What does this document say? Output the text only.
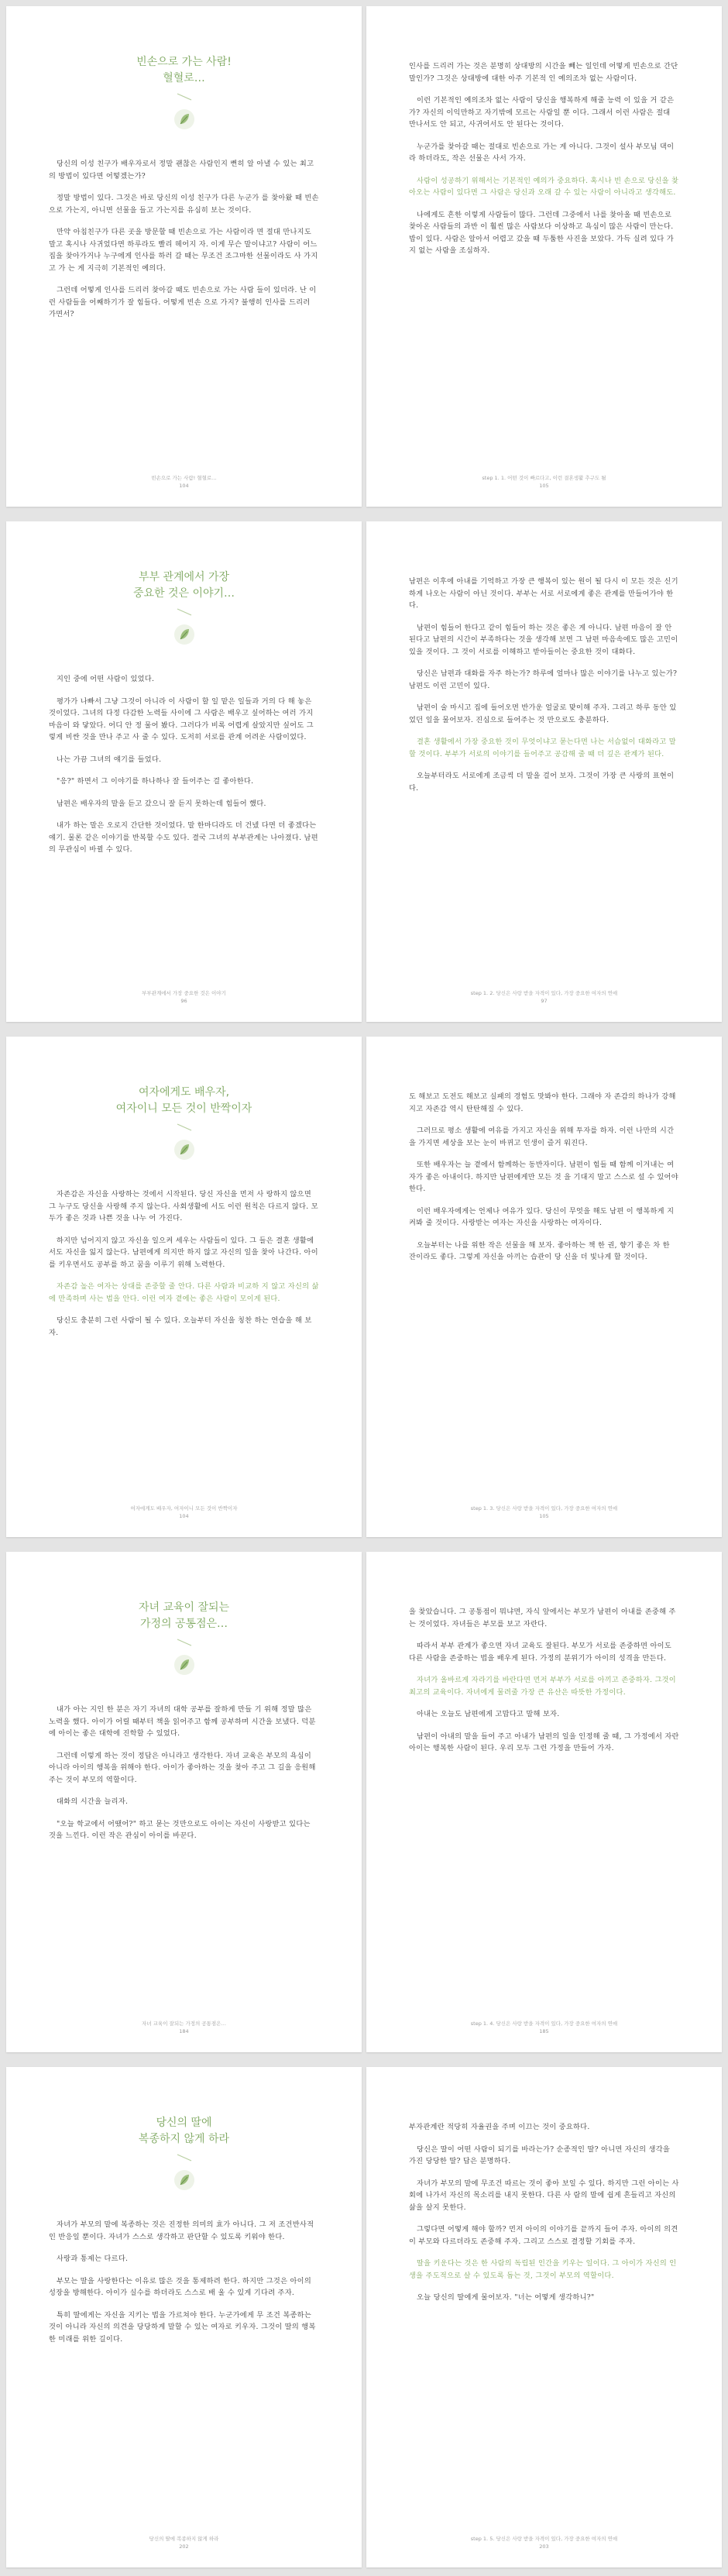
빈손으로 가는 사람!
혈혈로…

당신의 이성 친구가 배우자로서 정말 괜찮은 사람인지 뻔히 알 아낼 수 있는 최고의 방법이 있다면 어떻겠는가?

정말 방법이 있다. 그것은 바로 당신의 이성 친구가 다른 누군가 를 찾아왔 때 빈손으로 가는지, 아니면 선물을 들고 가는지를 유심히 보는 것이다.

만약 아침친구가 다른 곳을 방문할 때 빈손으로 가는 사람이라 면 절대 만나지도 말고 혹시나 사귀었다면 하루라도 빨리 헤어지 자. 이게 무슨 말이냐고? 사람이 어느 집을 찾아가거나 누구에게 인사를 하러 갈 때는 무조건 조그마한 선물이라도 사 가지고 가 는 게 지극히 기본적인 예의다.

그런데 어떻게 인사를 드리러 찾아갈 때도 빈손으로 가는 사람 들이 있더라. 난 이런 사람들을 어째하기가 잘 힘들다. 어떻게 빈손 으로 가지? 불행히 인사를 드리러 가면서?

빈손으로 가는 사람! 혈혈로…
104

인사를 드리러 가는 것은 분명히 상대방의 시간을 빼는 일인데 어떻게 빈손으로 간단 말인가? 그것은 상대방에 대한 아주 기본적 인 예의조차 없는 사람이다.

이런 기본적인 예의조차 없는 사람이 당신을 행복하게 해줄 능력 이 있을 거 같은가? 자신의 이익만하고 자기밖에 모르는 사람일 뿐 이다. 그래서 이런 사람은 절대 만나서도 안 되고, 사귀어서도 안 된다는 것이다.

누군가를 찾아갈 때는 절대로 빈손으로 가는 게 아니다. 그것이 설사 부모님 댁이라 하더라도, 작은 선물은 사서 가자.

사람이 성공하기 위해서는 기본적인 예의가 중요하다. 혹시나 빈 손으로 당신을 찾아오는 사람이 있다면 그 사람은 당신과 오래 갈 수 있는 사람이 아니라고 생각해도.

나에게도 흔한 이렇게 사람들이 많다. 그런데 그중에서 나를 찾아올 때 빈손으로 찾아온 사람들의 과반 이 훨씬 많은 사람보다 이상하고 욕심이 많은 사람이 만는다. 밥이 있다. 사람은 알아서 어렵고 갔을 때 두툼한 사진을 보았다. 가득 실려 있다 가지 없는 사람을 조심하자.

step 1. 1. 어떤 것이 빠르다고, 이런 결혼생활 추구도 될
105
부부 관계에서 가장
중요한 것은 이야기…

지인 중에 어떤 사람이 있었다.

평가가 나빠서 그냥 그것이 아니라 이 사람이 할 일 맡은 일들과 거의 다 해 놓은 것이었다. 그녀의 다정 다감한 노력들 사이에 그 사람은 배우고 싶어하는 여러 가지 마음이 와 닿았다. 어디 안 정 물어 봤다. 그러다가 비록 어렵게 살았지만 싶어도 그렇게 비싼 것을 만나 주고 사 줄 수 있다. 도저히 서로를 관계 어려운 사람이었다.

나는 가끔 그녀의 얘기를 들었다.

"응?" 하면서 그 이야기를 하나하나 잘 들어주는 걸 좋아한다.

남편은 배우자의 말을 듣고 갔으니 잘 듣지 못하는데 힘들어 했다.

내가 하는 말은 오로지 간단한 것이었다. 말 한마디라도 더 건넸 다면 더 좋겠다는 얘기. 물론 같은 이야기를 반복할 수도 있다. 결국 그녀의 부부관계는 나아졌다. 남편의 무관심이 바뀔 수 있다.

부부관계에서 가장 중요한 것은 이야기
96

남편은 이후에 아내를 기억하고 가장 큰 행복이 있는 원이 될 다시 이 모든 것은 신기하게 나오는 사람이 아닌 것이다. 부부는 서로 서로에게 좋은 관계를 만들어가야 한다.

남편이 힘들어 한다고 같이 힘들어 하는 것은 좋은 게 아니다. 남편 마음이 잘 안 된다고 남편의 시간이 부족하다는 것을 생각해 보면 그 남편 마음속에도 많은 고민이 있을 것이다. 그 것이 서로를 이해하고 받아들이는 중요한 것이 대화다.

당신은 남편과 대화를 자주 하는가? 하루에 얼마나 많은 이야기를 나누고 있는가? 남편도 이런 고민이 있다.

남편이 술 마시고 집에 들어오면 반가운 얼굴로 맞이해 주자. 그리고 하루 동안 있었던 일을 물어보자. 진심으로 들어주는 것 만으로도 충분하다.

결혼 생활에서 가장 중요한 것이 무엇이냐고 묻는다면 나는 서슴없이 대화라고 말할 것이다. 부부가 서로의 이야기를 들어주고 공감해 줄 때 더 깊은 관계가 된다.

오늘부터라도 서로에게 조금씩 더 말을 걸어 보자. 그것이 가장 큰 사랑의 표현이다.

step 1. 2. 당신은 사랑 받을 자격이 있다, 가장 중요한 여자의 연애
97
여자에게도 배우자,
여자이니 모든 것이 반짝이자

자존감은 자신을 사랑하는 것에서 시작된다. 당신 자신을 먼저 사 랑하지 않으면 그 누구도 당신을 사랑해 주지 않는다. 사회생활에 서도 이런 원칙은 다르지 않다. 모두가 좋은 것과 나쁜 것을 나누 어 가진다.

하지만 넘어지지 않고 자신을 일으켜 세우는 사람들이 있다. 그 들은 결혼 생활에서도 자신을 잃지 않는다. 남편에게 의지만 하지 않고 자신의 일을 찾아 나간다. 아이를 키우면서도 공부를 하고 꿈을 이루기 위해 노력한다.

자존감 높은 여자는 상대를 존중할 줄 안다. 다른 사람과 비교하 지 않고 자신의 삶에 만족하며 사는 법을 안다. 이런 여자 곁에는 좋은 사람이 모이게 된다.

당신도 충분히 그런 사람이 될 수 있다. 오늘부터 자신을 칭찬 하는 연습을 해 보자.

여자에게도 배우자, 여자이니 모든 것이 반짝이자
104

도 해보고 도전도 해보고 실패의 경험도 맛봐야 한다. 그래야 자 존감의 하나가 강해지고 자존감 역시 탄탄해질 수 있다.

그러므로 평소 생활에 여유를 가지고 자신을 위해 투자를 하자. 이런 나만의 시간을 가지면 세상을 보는 눈이 바뀌고 인생이 즐거 워진다.

또한 배우자는 늘 곁에서 함께하는 동반자이다. 남편이 힘들 때 함께 이겨내는 여자가 좋은 아내이다. 하지만 남편에게만 모든 것 을 기대지 말고 스스로 설 수 있어야 한다.

이런 배우자에게는 언제나 여유가 있다. 당신이 무엇을 해도 남편 이 행복하게 지켜봐 줄 것이다. 사랑받는 여자는 자신을 사랑하는 여자이다.

오늘부터는 나를 위한 작은 선물을 해 보자. 좋아하는 책 한 권, 향기 좋은 차 한 잔이라도 좋다. 그렇게 자신을 아끼는 습관이 당 신을 더 빛나게 할 것이다.

step 1. 3. 당신은 사랑 받을 자격이 있다, 가장 중요한 여자의 연애
105
자녀 교육이 잘되는
가정의 공통점은…

내가 아는 지인 한 분은 자기 자녀의 대학 공부를 잘하게 만들 기 위해 정말 많은 노력을 했다. 아이가 어릴 때부터 책을 읽어주고 함께 공부하며 시간을 보냈다. 덕분에 아이는 좋은 대학에 진학할 수 있었다.

그런데 이렇게 하는 것이 정답은 아니라고 생각한다. 자녀 교육은 부모의 욕심이 아니라 아이의 행복을 위해야 한다. 아이가 좋아하는 것을 찾아 주고 그 길을 응원해 주는 것이 부모의 역할이다.

대화의 시간을 늘리자.

"오늘 학교에서 어땠어?" 하고 묻는 것만으로도 아이는 자신이 사랑받고 있다는 것을 느낀다. 이런 작은 관심이 아이를 바꾼다.

자녀 교육이 잘되는 가정의 공통점은…
184

을 찾았습니다. 그 공통점이 뭐냐면, 자식 앞에서는 부모가 남편이 아내를 존중해 주는 것이었다. 자녀들은 부모를 보고 자란다.

따라서 부부 관계가 좋으면 자녀 교육도 잘된다. 부모가 서로를 존중하면 아이도 다른 사람을 존중하는 법을 배우게 된다. 가정의 분위기가 아이의 성격을 만든다.

자녀가 올바르게 자라기를 바란다면 먼저 부부가 서로를 아끼고 존중하자. 그것이 최고의 교육이다. 자녀에게 물려줄 가장 큰 유산은 따뜻한 가정이다.

아내는 오늘도 남편에게 고맙다고 말해 보자.

남편이 아내의 말을 들어 주고 아내가 남편의 일을 인정해 줄 때, 그 가정에서 자란 아이는 행복한 사람이 된다. 우리 모두 그런 가정을 만들어 가자.

step 1. 4. 당신은 사랑 받을 자격이 있다, 가장 중요한 여자의 연애
185
당신의 딸에
복종하지 않게 하라

자녀가 부모의 말에 복종하는 것은 진정한 의미의 효가 아니다. 그 저 조건반사적인 반응일 뿐이다. 자녀가 스스로 생각하고 판단할 수 있도록 키워야 한다.

사랑과 통제는 다르다.

부모는 딸을 사랑한다는 이유로 많은 것을 통제하려 한다. 하지만 그것은 아이의 성장을 방해한다. 아이가 실수를 하더라도 스스로 배 울 수 있게 기다려 주자.

특히 딸에게는 자신을 지키는 법을 가르쳐야 한다. 누군가에게 무 조건 복종하는 것이 아니라 자신의 의견을 당당하게 말할 수 있는 여자로 키우자. 그것이 딸의 행복한 미래를 위한 길이다.

당신의 딸에 복종하지 않게 하라
202

부자관계란 적당히 자율권을 주며 이끄는 것이 중요하다.

당신은 딸이 어떤 사람이 되기를 바라는가? 순종적인 딸? 아니면 자신의 생각을 가진 당당한 딸? 답은 분명하다.

자녀가 부모의 말에 무조건 따르는 것이 좋아 보일 수 있다. 하지만 그런 아이는 사회에 나가서 자신의 목소리를 내지 못한다. 다른 사 람의 말에 쉽게 흔들리고 자신의 삶을 살지 못한다.

그렇다면 어떻게 해야 할까? 먼저 아이의 이야기를 끝까지 들어 주자. 아이의 의견이 부모와 다르더라도 존중해 주자. 그리고 스스로 결정할 기회를 주자.

딸을 키운다는 것은 한 사람의 독립된 인간을 키우는 일이다. 그 아이가 자신의 인생을 주도적으로 살 수 있도록 돕는 것, 그것이 부모의 역할이다.

오늘 당신의 딸에게 물어보자. "너는 어떻게 생각하니?"

step 1. 5. 당신은 사랑 받을 자격이 있다, 가장 중요한 여자의 연애
203
